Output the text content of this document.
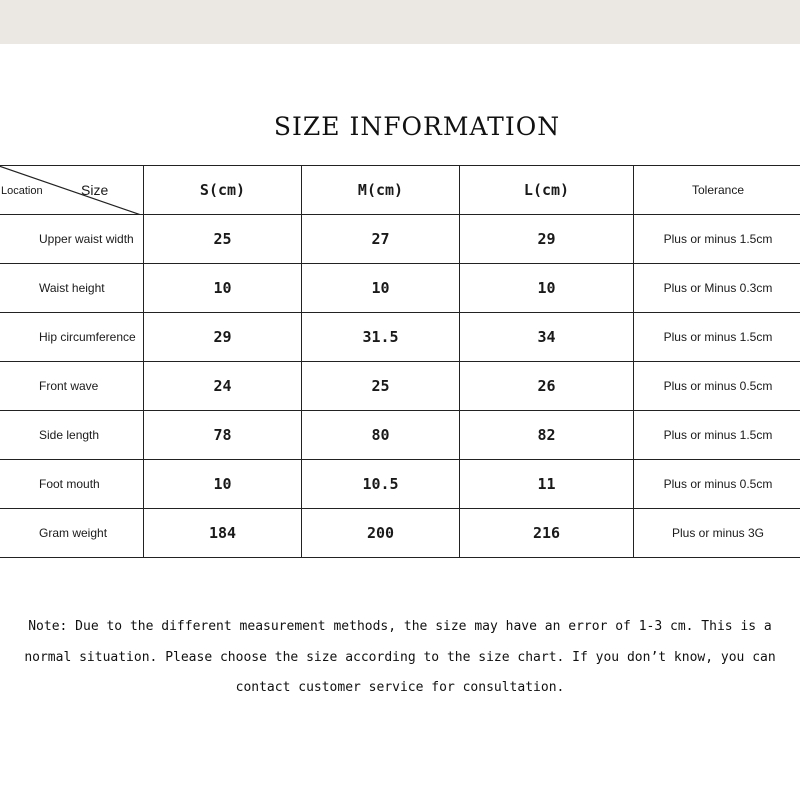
SIZE INFORMATION
Location Size	S(cm)	M(cm)	L(cm)	Tolerance
Upper waist width	25	27	29	Plus or minus 1.5cm
Waist height	10	10	10	Plus or Minus 0.3cm
Hip circumference	29	31.5	34	Plus or minus 1.5cm
Front wave	24	25	26	Plus or minus 0.5cm
Side length	78	80	82	Plus or minus 1.5cm
Foot mouth	10	10.5	11	Plus or minus 0.5cm
Gram weight	184	200	216	Plus or minus 3G
Note: Due to the different measurement methods, the size may have an error of 1-3 cm. This is a normal situation. Please choose the size according to the size chart. If you don’t know, you can contact customer service for consultation.
